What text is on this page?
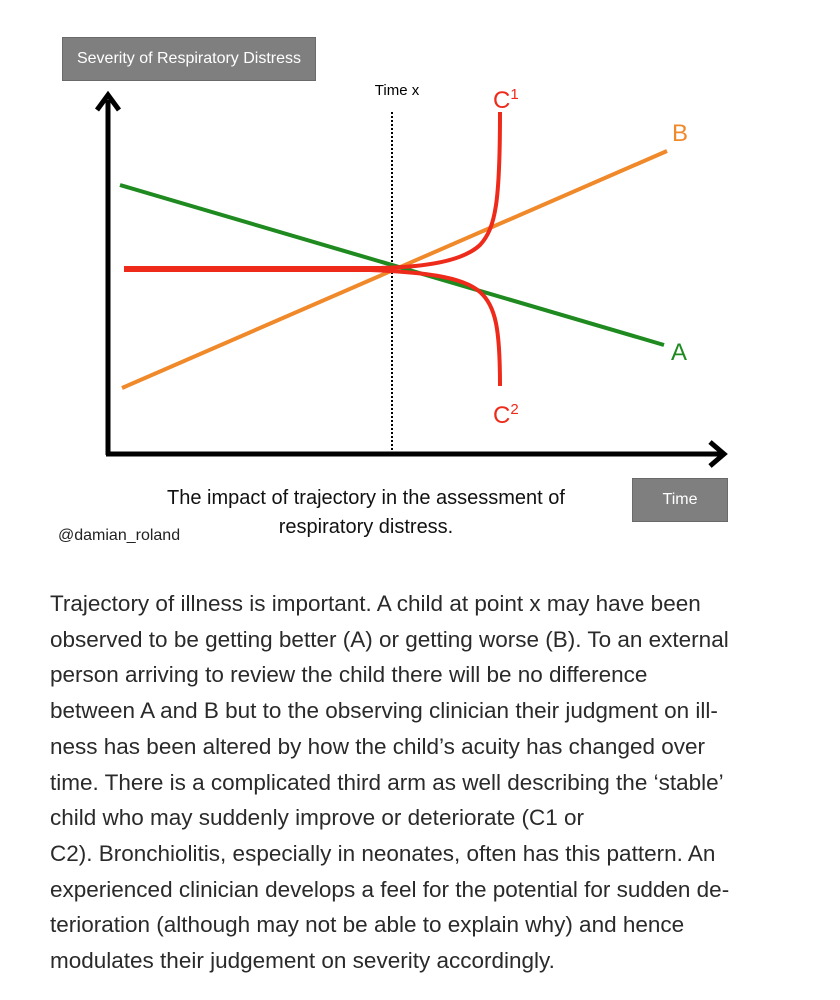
Severity of Respiratory Distress
Time x
B
A
$C^1$
$C^2$
The impact of trajectory in the assessment of
respiratory distress.
Time
@damian_roland

Trajectory of illness is important. A child at point x may have been
observed to be getting better (A) or getting worse (B). To an external
person arriving to review the child there will be no difference
between A and B but to the observing clinician their judgment on ill-
ness has been altered by how the child’s acuity has changed over
time. There is a complicated third arm as well describing the ‘stable’
child who may suddenly improve or deteriorate (C1 or
C2). Bronchiolitis, especially in neonates, often has this pattern. An
experienced clinician develops a feel for the potential for sudden de-
terioration (although may not be able to explain why) and hence
modulates their judgement on severity accordingly.
